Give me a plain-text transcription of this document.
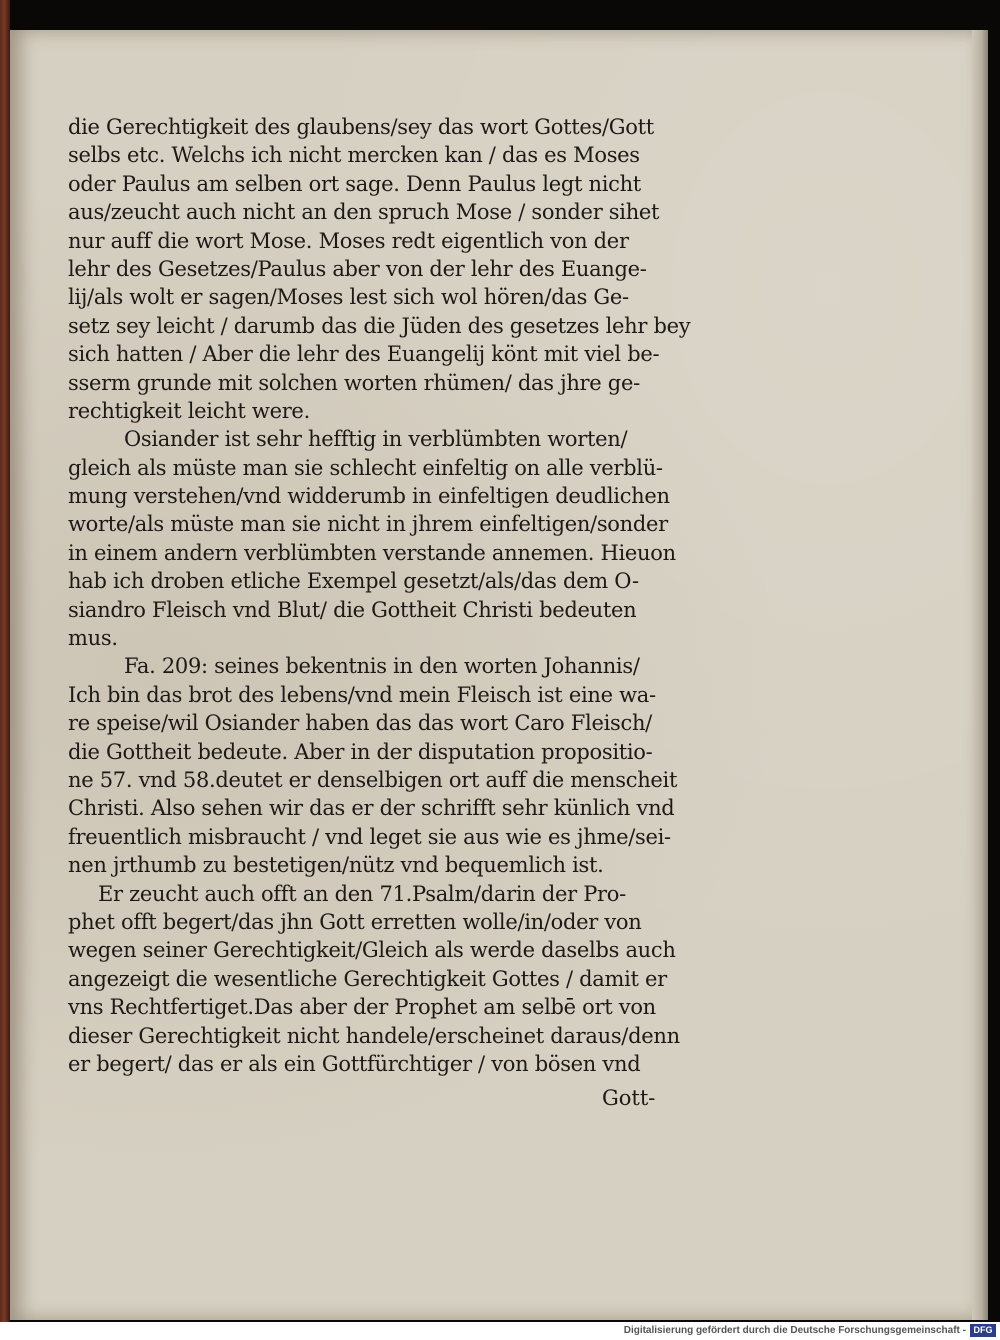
die Gerechtigkeit des glaubens/sey das wort Gottes/Gott
selbs etc. Welchs ich nicht mercken kan / das es Moses
oder Paulus am selben ort sage. Denn Paulus legt nicht
aus/zeucht auch nicht an den spruch Mose / sonder sihet
nur auff die wort Mose. Moses redt eigentlich von der
lehr des Gesetzes/Paulus aber von der lehr des Euange-
lij/als wolt er sagen/Moses lest sich wol hören/das Ge-
setz sey leicht / darumb das die Jüden des gesetzes lehr bey
sich hatten / Aber die lehr des Euangelij könt mit viel be-
sserm grunde mit solchen worten rhümen/ das jhre ge-
rechtigkeit leicht were.
Osiander ist sehr hefftig in verblümbten worten/
gleich als müste man sie schlecht einfeltig on alle verblü-
mung verstehen/vnd widderumb in einfeltigen deudlichen
worte/als müste man sie nicht in jhrem einfeltigen/sonder
in einem andern verblümbten verstande annemen. Hieuon
hab ich droben etliche Exempel gesetzt/als/das dem O-
siandro Fleisch vnd Blut/ die Gottheit Christi bedeuten
mus.
Fa. 209: seines bekentnis in den worten Johannis/
Ich bin das brot des lebens/vnd mein Fleisch ist eine wa-
re speise/wil Osiander haben das das wort Caro Fleisch/
die Gottheit bedeute. Aber in der disputation propositio-
ne 57. vnd 58.deutet er denselbigen ort auff die menscheit
Christi. Also sehen wir das er der schrifft sehr künlich vnd
freuentlich misbraucht / vnd leget sie aus wie es jhme/sei-
nen jrthumb zu bestetigen/nütz vnd bequemlich ist.
Er zeucht auch offt an den 71.Psalm/darin der Pro-
phet offt begert/das jhn Gott erretten wolle/in/oder von
wegen seiner Gerechtigkeit/Gleich als werde daselbs auch
angezeigt die wesentliche Gerechtigkeit Gottes / damit er
vns Rechtfertiget.Das aber der Prophet am selbē ort von
dieser Gerechtigkeit nicht handele/erscheinet daraus/denn
er begert/ das er als ein Gottfürchtiger / von bösen vnd
Gott-
Digitalisierung gefördert durch die Deutsche Forschungsgemeinschaft - DFG
